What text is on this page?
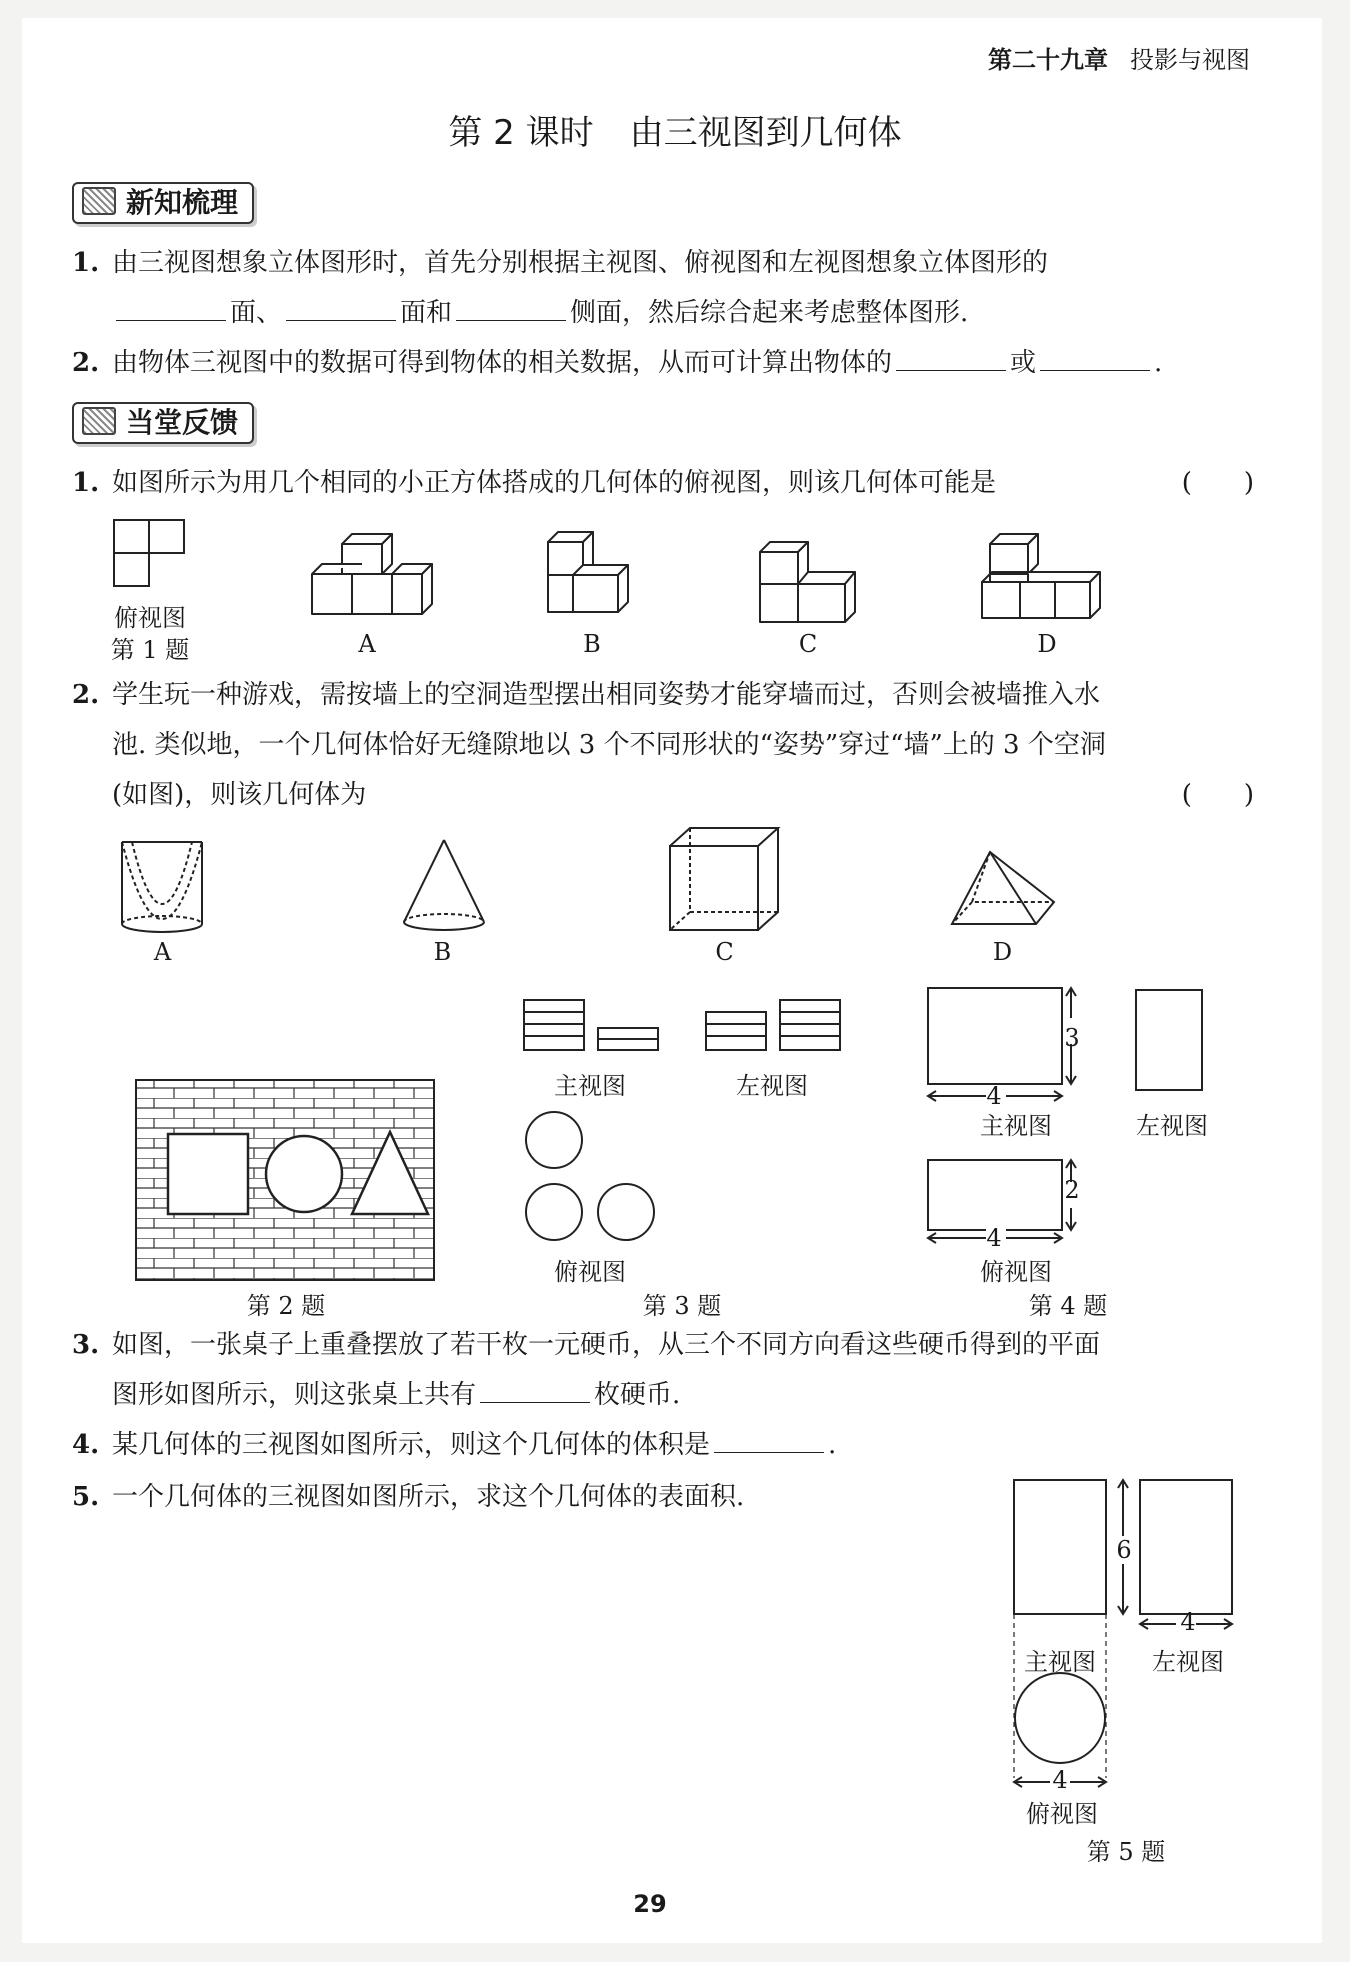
第二十九章 投影与视图
第 2 课时 由三视图到几何体
新知梳理
1. 由三视图想象立体图形时，首先分别根据主视图、俯视图和左视图想象立体图形的
面、	面和	侧面，然后综合起来考虑整体图形.
2. 由物体三视图中的数据可得到物体的相关数据，从而可计算出物体的	或	.
当堂反馈
1. 如图所示为用几个相同的小正方体搭成的几何体的俯视图，则该几何体可能是	(　　)
俯视图
第 1 题	A	B	C	D
2. 学生玩一种游戏，需按墙上的空洞造型摆出相同姿势才能穿墙而过，否则会被墙推入水
池. 类似地，一个几何体恰好无缝隙地以 3 个不同形状的“姿势”穿过“墙”上的 3 个空洞
(如图)，则该几何体为	(　　)
A	B	C	D
第 2 题
主视图	左视图
俯视图
第 3 题
3
4
主视图	左视图
2
4
俯视图
第 4 题
3. 如图，一张桌子上重叠摆放了若干枚一元硬币，从三个不同方向看这些硬币得到的平面
图形如图所示，则这张桌上共有	枚硬币.
4. 某几何体的三视图如图所示，则这个几何体的体积是	.
5. 一个几何体的三视图如图所示，求这个几何体的表面积.
6
4
主视图	左视图
4
俯视图
第 5 题
29
